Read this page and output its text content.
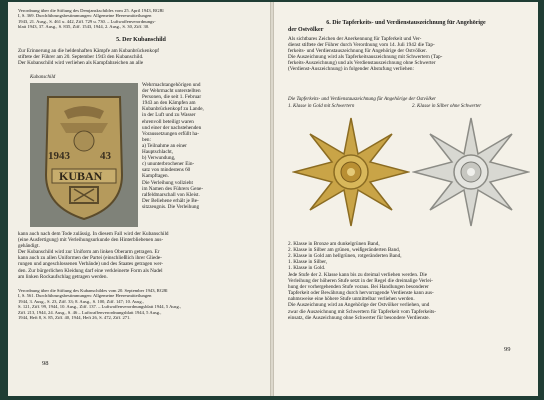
Verordnung über die Stiftung des Demjanskschildes vom 25. April 1943, RGBl
I, S. 369. Durchführungsbestimmungen: Allgemeine Heeresmitteilungen
1943, 21. Ausg., S. 461 u. 442, Ziff. 729 u. 730. – Luftwaffenverordnungs-
blatt 1943, 37. Ausg., S. 835, Ziff. 1543, 1944, 2. Ausg., S. 30, Ziff. 30.
5. Der Kubanschild
Zur Erinnerung an die heldenhaften Kämpfe am Kubanbrückenkopf
stiftete der Führer am 20. September 1943 den Kubanschild.
Der Kubanschild wird verliehen als Kampfabzeichen an alle
Kubanschild
1943
KUBAN
43
Wehrmachtangehörigen und
der Wehrmacht unterstellten
Personen, die seit 1. Februar
1943 an den Kämpfen am
Kubanbrückenkopf zu Lande,
in der Luft und zu Wasser
ehrenvoll beteiligt waren
und einer der nachstehenden
Voraussetzungen erfüllt ha-
ben:
a) Teilnahme an einer
Hauptschlacht,
b) Verwundung,
c) ununterbrochener Ein-
satz von mindestens 60
Kampftagen.
Die Verleihung vollzieht
im Namen des Führers Gene-
ralfeldmarschall von Kleist.
Der Beliehene erhält je Be-
sitzzeugnis. Die Verleihung
kann auch nach dem Tode zulässig. In diesem Fall wird der Kubanschild
(eine Ausfertigung) mit Verleihungsurkunde den Hinterbliebenen aus-
gehändigt.
Der Kubanschild wird zur Uniform am linken Oberarm getragen. Er
kann auch zu allen Uniformen der Partei (einschließlich ihrer Gliede-
rungen und angeschlossenen Verbände) und des Staates getragen wer-
den. Zur bürgerlichen Kleidung darf eine verkleinerte Form als Nadel
am linken Rockaufschlag getragen werden.
Verordnung über die Stiftung des Kubanschildes vom 20. September 1943, RGBl
I, S. 561. Durchführungsbestimmungen: Allgemeine Heeresmitteilungen
1944, 3. Ausg., S. 23, Ziff. 33; 8. Ausg., S. 100, Ziff. 147; 10. Ausg.,
S. 121, Ziff. 99, 1944, 10. Ausg., Ziff. 137. – Luftwaffenverordnungsblatt 1944, 5 Ausg.,
Ziff. 213, 1944, 24. Ausg., S. 46 – Luftwaffenverordnungsblatt 1944, 5 Ausg.,
1944, Heft 8, S. 85, Ziff. 40, 1944, Heft 26, S. 472, Ziff. 271.
98
6. Die Tapferkeits- und Verdienstauszeichnung für Angehörige
der Ostvölker
Als sichtbares Zeichen der Anerkennung für Tapferkeit und Ver-
dienst stiftete der Führer durch Verordnung vom 14. Juli 1942 die Tap-
ferkeits- und Verdienstauszeichnung für Angehörige der Ostvölker.
Die Auszeichnung wird als Tapferkeitsauszeichnung mit Schwertern (Tap-
ferkeits-Auszeichnung) und als Verdienstauszeichnung ohne Schwerter
(Verdienst-Auszeichnung) in folgender Abstufung verliehen:
Die Tapferkeits- und Verdienstauszeichnung für Angehörige der Ostvölker
1. Klasse in Gold mit Schwertern	2. Klasse in Silber ohne Schwerter
2. Klasse in Bronze am dunkelgrünen Band,
2. Klasse in Silber am grünen, weißgeränderten Band,
2. Klasse in Gold am hellgrünen, rotgeränderten Band,
1. Klasse in Silber,
1. Klasse in Gold.
Jede Stufe der 2. Klasse kann bis zu dreimal verliehen werden. Die
Verleihung der höheren Stufe setzt in der Regel die dreimalige Verlei-
hung der vorhergehenden Stufe voraus. Bei Handlungen besonderer
Tapferkeit oder Bewährung durch hervorragende Verdienste kann aus-
nahmsweise eine höhere Stufe unmittelbar verliehen werden.
Die Auszeichnung wird an Angehörige der Ostvölker verliehen, und
zwar die Auszeichnung mit Schwertern für Tapferkeit vom Tapferkeits-
einsatz, die Auszeichnung ohne Schwerter für besondere Verdienste.
99
